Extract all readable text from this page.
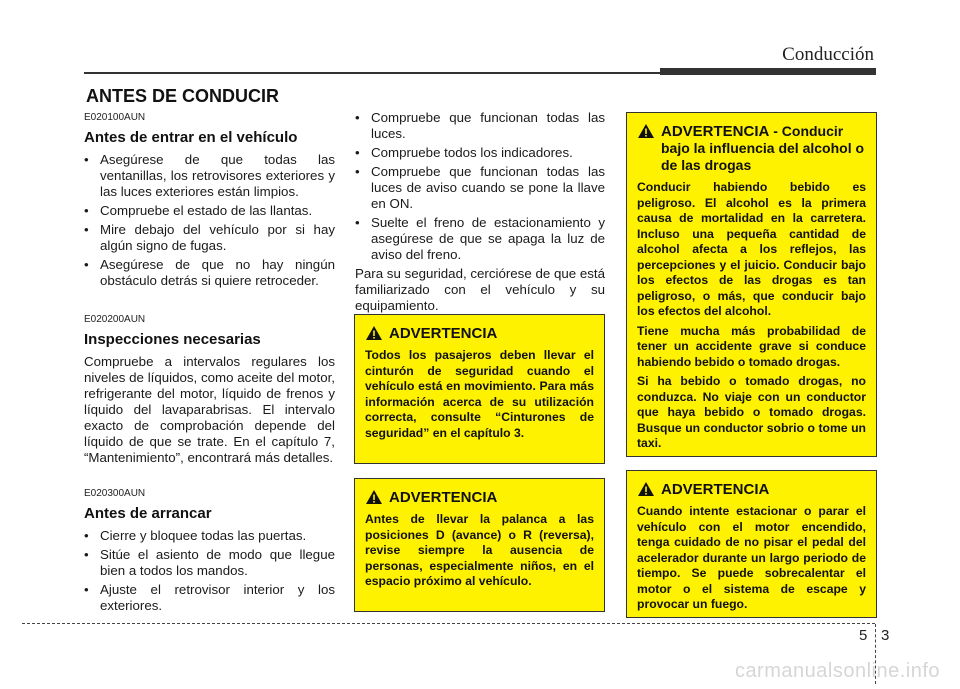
Conducción
ANTES DE CONDUCIR

E020100AUN

Antes de entrar en el vehículo

• Asegúrese de que todas las ventanillas, los retrovisores exteriores y las luces exteriores están limpios.
• Compruebe el estado de las llantas.
• Mire debajo del vehículo por si hay algún signo de fugas.
• Asegúrese de que no hay ningún obstáculo detrás si quiere retroceder.

E020200AUN

Inspecciones necesarias

Compruebe a intervalos regulares los niveles de líquidos, como aceite del motor, refrigerante del motor, líquido de frenos y líquido del lavaparabrisas. El intervalo exacto de comprobación depende del líquido de que se trate. En el capítulo 7, “Mantenimiento”, encontrará más detalles.

E020300AUN

Antes de arrancar

• Cierre y bloquee todas las puertas.
• Sitúe el asiento de modo que llegue bien a todos los mandos.
• Ajuste el retrovisor interior y los exteriores.
• Compruebe que funcionan todas las luces.
• Compruebe todos los indicadores.
• Compruebe que funcionan todas las luces de aviso cuando se pone la llave en ON.
• Suelte el freno de estacionamiento y asegúrese de que se apaga la luz de aviso del freno.

Para su seguridad, cerciórese de que está familiarizado con el vehículo y su equipamiento.

ADVERTENCIA

Todos los pasajeros deben llevar el cinturón de seguridad cuando el vehículo está en movimiento. Para más información acerca de su utilización correcta, consulte “Cinturones de seguridad” en el capítulo 3.

ADVERTENCIA

Antes de llevar la palanca a las posiciones D (avance) o R (reversa), revise siempre la ausencia de personas, especialmente niños, en el espacio próximo al vehículo.

ADVERTENCIA - Conducir bajo la influencia del alcohol o de las drogas

Conducir habiendo bebido es peligroso. El alcohol es la primera causa de mortalidad en la carretera. Incluso una pequeña cantidad de alcohol afecta a los reflejos, las percepciones y el juicio. Conducir bajo los efectos de las drogas es tan peligroso, o más, que conducir bajo los efectos del alcohol.

Tiene mucha más probabilidad de tener un accidente grave si conduce habiendo bebido o tomado drogas.

Si ha bebido o tomado drogas, no conduzca. No viaje con un conductor que haya bebido o tomado drogas. Busque un conductor sobrio o tome un taxi.

ADVERTENCIA

Cuando intente estacionar o parar el vehículo con el motor encendido, tenga cuidado de no pisar el pedal del acelerador durante un largo periodo de tiempo. Se puede sobrecalentar el motor o el sistema de escape y provocar un fuego.

5 3
carmanualsonline.info
